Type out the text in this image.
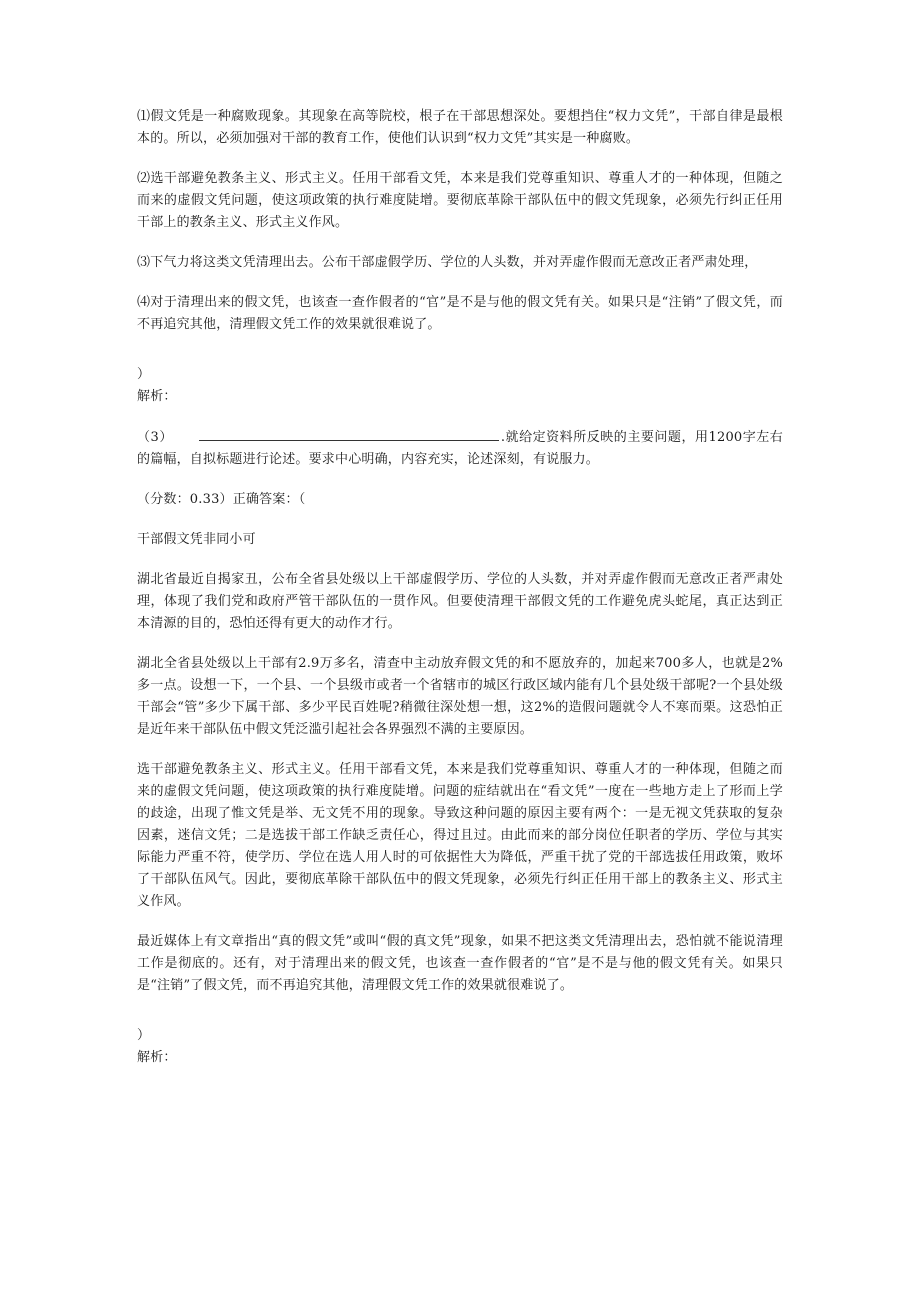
⑴假文凭是一种腐败现象。其现象在高等院校，根子在干部思想深处。要想挡住“权力文凭”，干部自律是最根本的。所以，必须加强对干部的教育工作，使他们认识到“权力文凭”其实是一种腐败。

⑵选干部避免教条主义、形式主义。任用干部看文凭，本来是我们党尊重知识、尊重人才的一种体现，但随之而来的虚假文凭问题，使这项政策的执行难度陡增。要彻底革除干部队伍中的假文凭现象，必须先行纠正任用干部上的教条主义、形式主义作风。

⑶下气力将这类文凭清理出去。公布干部虚假学历、学位的人头数，并对弄虚作假而无意改正者严肃处理，

⑷对于清理出来的假文凭，也该查一查作假者的“官”是不是与他的假文凭有关。如果只是“注销”了假文凭，而不再追究其他，清理假文凭工作的效果就很难说了。

）

解析：

（3）	.就给定资料所反映的主要问题，用1200字左右的篇幅，自拟标题进行论述。要求中心明确，内容充实，论述深刻，有说服力。

（分数：0.33）正确答案：（

干部假文凭非同小可

湖北省最近自揭家丑，公布全省县处级以上干部虚假学历、学位的人头数，并对弄虚作假而无意改正者严肃处理，体现了我们党和政府严管干部队伍的一贯作风。但要使清理干部假文凭的工作避免虎头蛇尾，真正达到正本清源的目的，恐怕还得有更大的动作才行。

湖北全省县处级以上干部有2.9万多名，清查中主动放弃假文凭的和不愿放弃的，加起来700多人，也就是2%多一点。设想一下，一个县、一个县级市或者一个省辖市的城区行政区域内能有几个县处级干部呢?一个县处级干部会“管”多少下属干部、多少平民百姓呢?稍微往深处想一想，这2%的造假问题就令人不寒而栗。这恐怕正是近年来干部队伍中假文凭泛滥引起社会各界强烈不满的主要原因。

选干部避免教条主义、形式主义。任用干部看文凭，本来是我们党尊重知识、尊重人才的一种体现，但随之而来的虚假文凭问题，使这项政策的执行难度陡增。问题的症结就出在“看文凭”一度在一些地方走上了形而上学的歧途，出现了惟文凭是举、无文凭不用的现象。导致这种问题的原因主要有两个：一是无视文凭获取的复杂因素，迷信文凭；二是选拔干部工作缺乏责任心，得过且过。由此而来的部分岗位任职者的学历、学位与其实际能力严重不符，使学历、学位在选人用人时的可依据性大为降低，严重干扰了党的干部选拔任用政策，败坏了干部队伍风气。因此，要彻底革除干部队伍中的假文凭现象，必须先行纠正任用干部上的教条主义、形式主义作风。

最近媒体上有文章指出“真的假文凭”或叫“假的真文凭”现象，如果不把这类文凭清理出去，恐怕就不能说清理工作是彻底的。还有，对于清理出来的假文凭，也该查一查作假者的“官”是不是与他的假文凭有关。如果只是“注销”了假文凭，而不再追究其他，清理假文凭工作的效果就很难说了。

）

解析：
